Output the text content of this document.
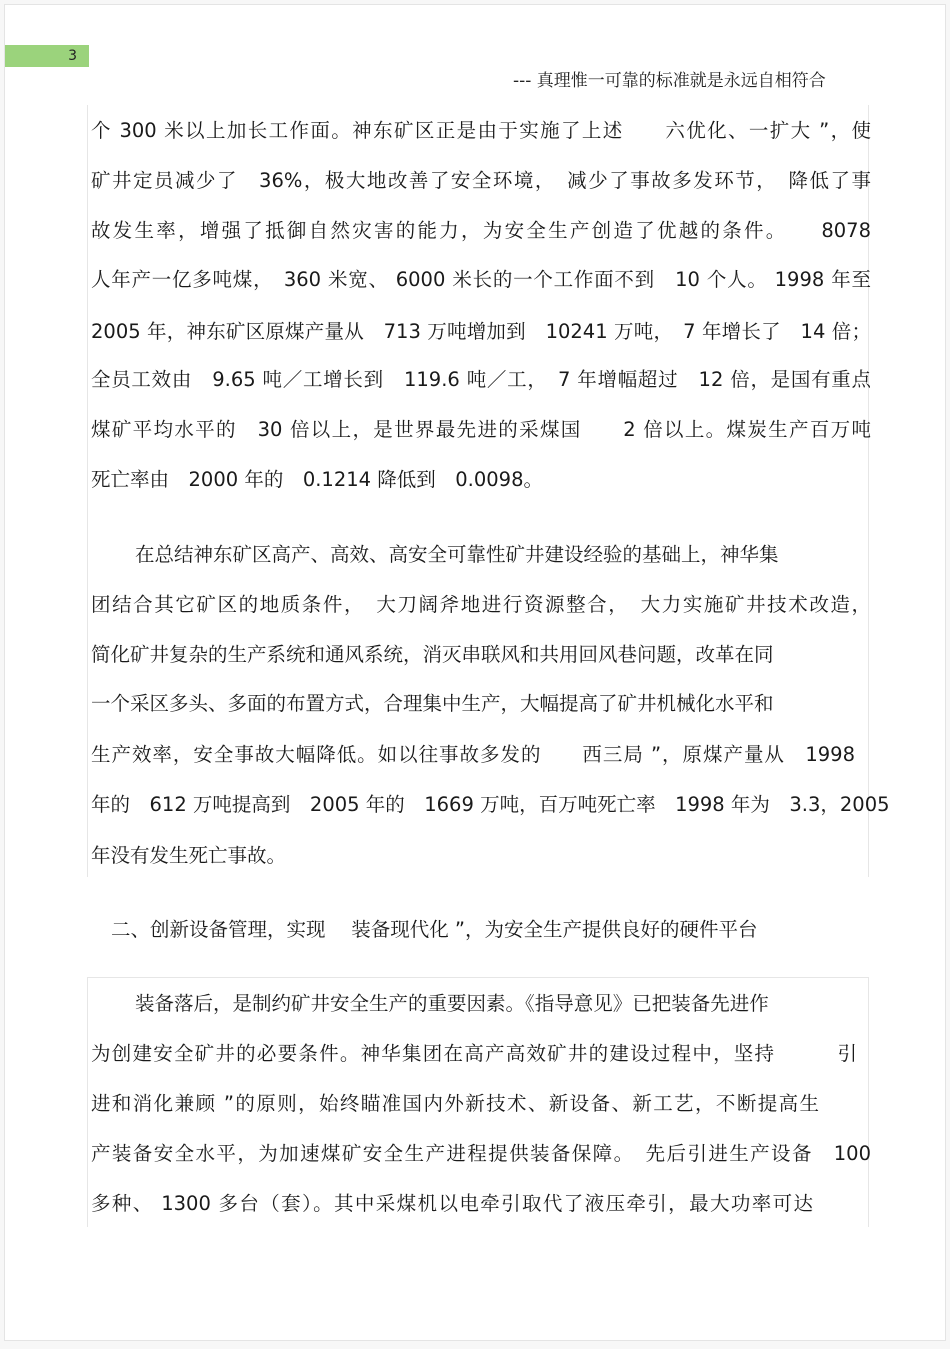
3
--- 真理惟一可靠的标准就是永远自相符合
个 300 米以上加长工作面。神东矿区正是由于实施了上述　　六优化、一扩大 ”，使
矿井定员减少了　36%，极大地改善了安全环境，　减少了事故多发环节，　降低了事
故发生率，增强了抵御自然灾害的能力，为安全生产创造了优越的条件。　　8078
人年产一亿多吨煤，　360 米宽、 6000 米长的一个工作面不到　10 个人。 1998 年至
2005 年，神东矿区原煤产量从　713 万吨增加到　10241 万吨，　7 年增长了　14 倍；
全员工效由　9.65 吨／工增长到　119.6 吨／工，　7 年增幅超过　12 倍，是国有重点
煤矿平均水平的　30 倍以上，是世界最先进的采煤国　　2 倍以上。煤炭生产百万吨
死亡率由　2000 年的　0.1214 降低到　0.0098。
在总结神东矿区高产、高效、高安全可靠性矿井建设经验的基础上，神华集
团结合其它矿区的地质条件，　大刀阔斧地进行资源整合，　大力实施矿井技术改造，
简化矿井复杂的生产系统和通风系统，消灭串联风和共用回风巷问题，改革在同
一个采区多头、多面的布置方式，合理集中生产，大幅提高了矿井机械化水平和
生产效率，安全事故大幅降低。如以往事故多发的　　西三局 ”，原煤产量从　1998
年的　612 万吨提高到　2005 年的　1669 万吨，百万吨死亡率　1998 年为　3.3，2005
年没有发生死亡事故。
二、创新设备管理，实现　 装备现代化 ”，为安全生产提供良好的硬件平台
装备落后，是制约矿井安全生产的重要因素。《指导意见》已把装备先进作
为创建安全矿井的必要条件。神华集团在高产高效矿井的建设过程中，坚持　　　引
进和消化兼顾 ”的原则，始终瞄准国内外新技术、新设备、新工艺，不断提高生
产装备安全水平，为加速煤矿安全生产进程提供装备保障。　先后引进生产设备　100
多种、 1300 多台（套）。其中采煤机以电牵引取代了液压牵引，最大功率可达
